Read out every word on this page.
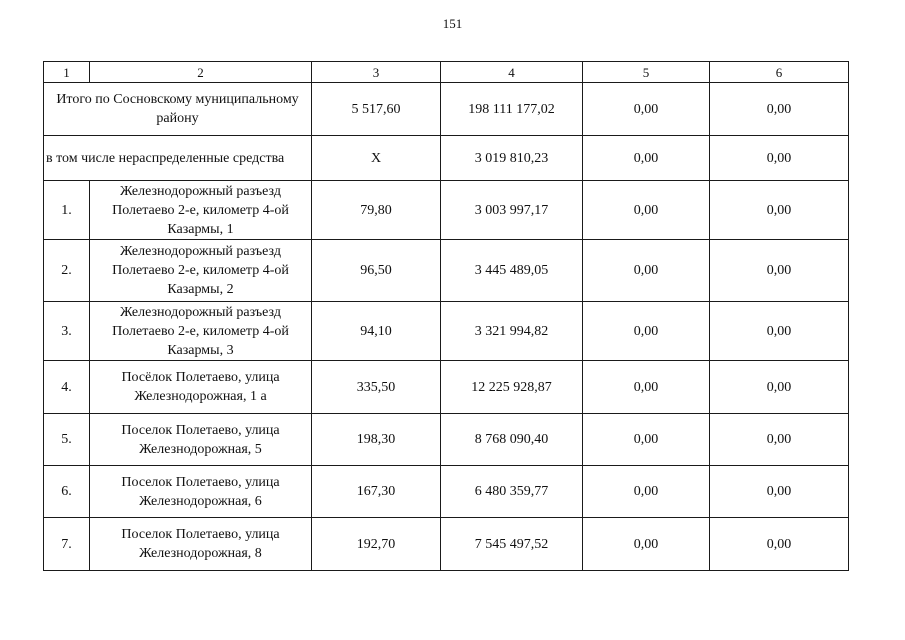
151
1	2	3	4	5	6
Итого по Сосновскому муниципальному району		5 517,60	198 111 177,02	0,00	0,00
в том числе нераспределенные средства		Х	3 019 810,23	0,00	0,00
1.	Железнодорожный разъезд Полетаево 2-е, километр 4-ой Казармы, 1	79,80	3 003 997,17	0,00	0,00
2.	Железнодорожный разъезд Полетаево 2-е, километр 4-ой Казармы, 2	96,50	3 445 489,05	0,00	0,00
3.	Железнодорожный разъезд Полетаево 2-е, километр 4-ой Казармы, 3	94,10	3 321 994,82	0,00	0,00
4.	Посёлок Полетаево, улица Железнодорожная, 1 а	335,50	12 225 928,87	0,00	0,00
5.	Поселок Полетаево, улица Железнодорожная, 5	198,30	8 768 090,40	0,00	0,00
6.	Поселок Полетаево, улица Железнодорожная, 6	167,30	6 480 359,77	0,00	0,00
7.	Поселок Полетаево, улица Железнодорожная, 8	192,70	7 545 497,52	0,00	0,00
